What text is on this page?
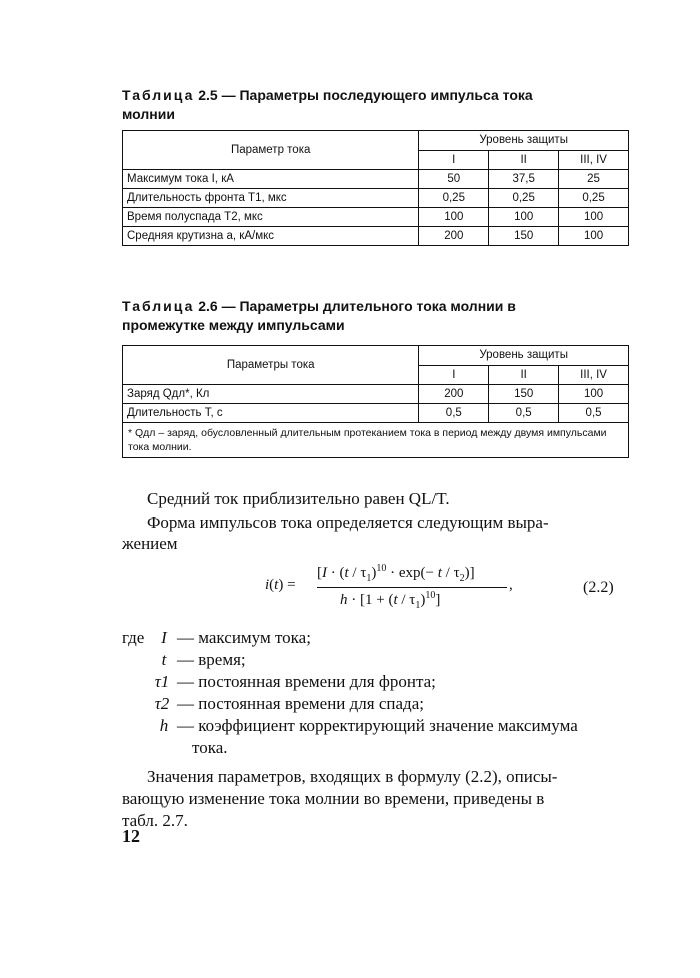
Таблица 2.5 — Параметры последующего импульса тока
молнии
Параметр тока	Уровень защиты		
	I	II	III, IV
Максимум тока I, кА	50	37,5	25
Длительность фронта T1, мкс	0,25	0,25	0,25
Время полуспада T2, мкс	100	100	100
Средняя крутизна a, кА/мкс	200	150	100
Таблица 2.6 — Параметры длительного тока молнии в
промежутке между импульсами
Параметры тока	Уровень защиты		
	I	II	III, IV
Заряд Qдл*, Кл	200	150	100
Длительность T, с	0,5	0,5	0,5
* Qдл – заряд, обусловленный длительным протеканием тока в период между двумя импульсами тока молнии.			
Средний ток приблизительно равен QL/T.
Форма импульсов тока определяется следующим выра-
жением
i(t) =
$[I \cdot (t / \tau_1)^{10} \cdot \exp(- t / \tau_2)]$
$h \cdot [1 + (t / \tau_1)^{10}]$
,	(2.2)
где I — максимум тока;
t — время;
τ1 — постоянная времени для фронта;
τ2 — постоянная времени для спада;
h — коэффициент корректирующий значение максимума
тока.
Значения параметров, входящих в формулу (2.2), описы-
вающую изменение тока молнии во времени, приведены в
табл. 2.7.
12
